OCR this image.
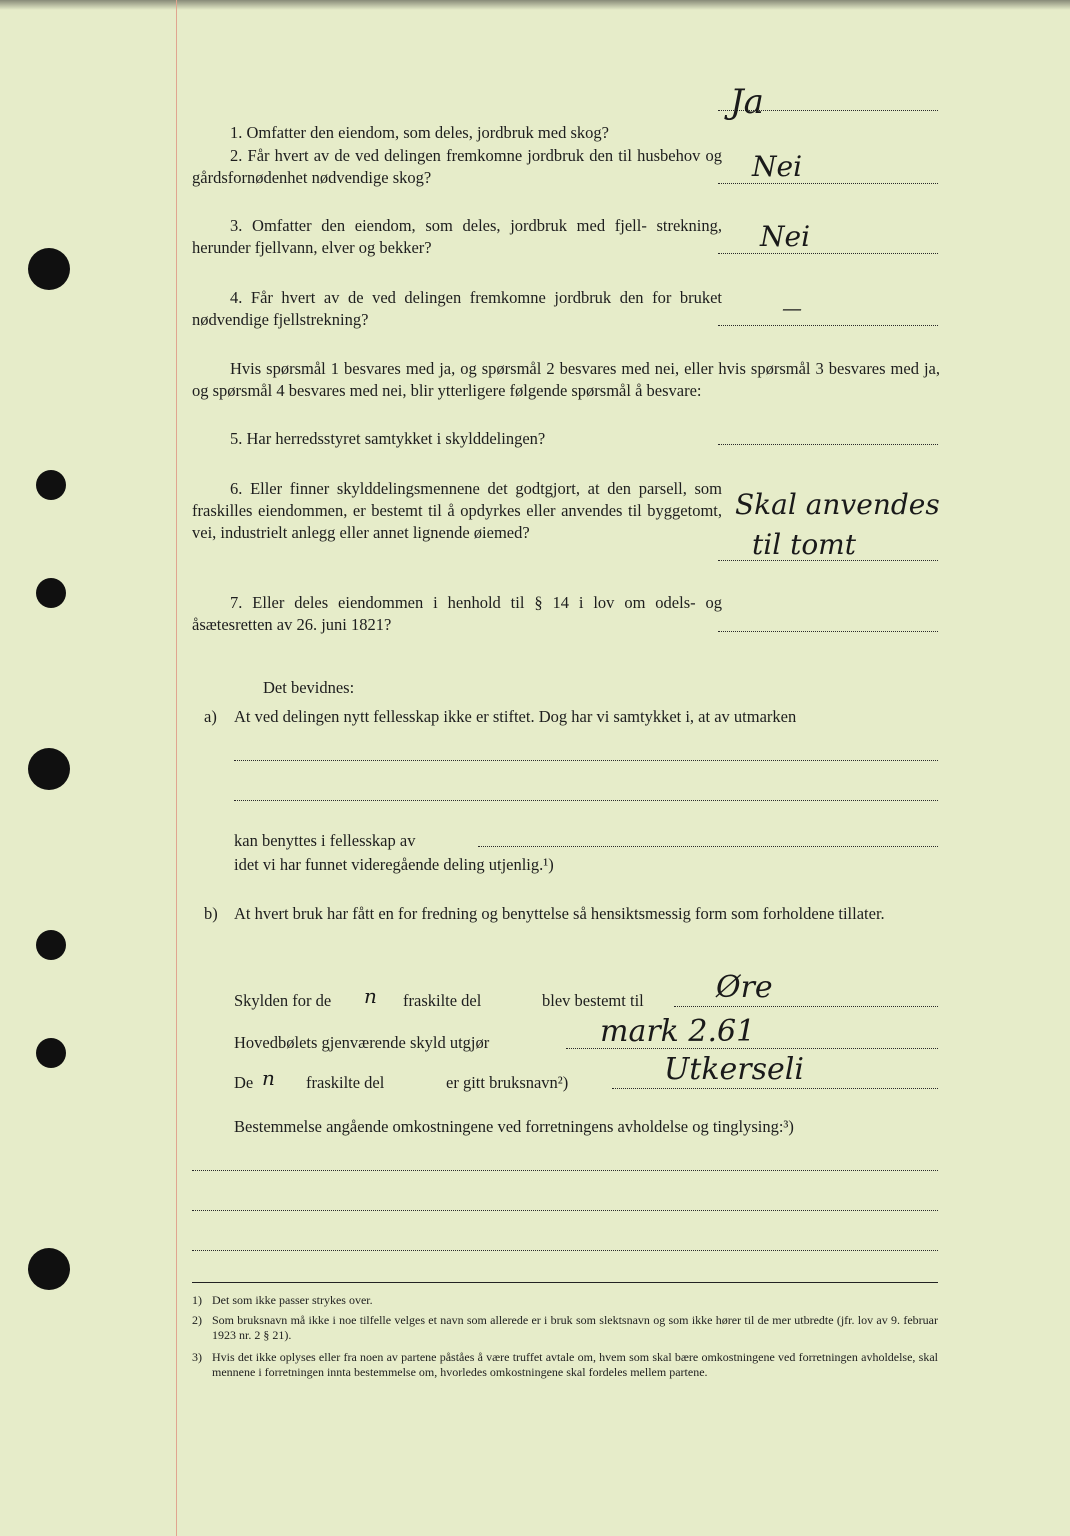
1. Omfatter den eiendom, som deles, jordbruk med skog?
Ja
2. Får hvert av de ved delingen fremkomne jordbruk den til husbehov og gårdsfornødenhet nødvendige skog?	Nei
3. Omfatter den eiendom, som deles, jordbruk med fjell- strekning, herunder fjellvann, elver og bekker?	Nei
4. Får hvert av de ved delingen fremkomne jordbruk den for bruket nødvendige fjellstrekning?	—
Hvis spørsmål 1 besvares med ja, og spørsmål 2 besvares med nei, eller hvis spørsmål 3 besvares med ja, og spørsmål 4 besvares med nei, blir ytterligere følgende spørsmål å besvare:
5. Har herredsstyret samtykket i skylddelingen?
6. Eller finner skylddelingsmennene det godtgjort, at den parsell, som fraskilles eiendommen, er bestemt til å opdyrkes eller anvendes til byggetomt, vei, industrielt anlegg eller annet lignende øiemed?
Skal anvendes
til tomt
7. Eller deles eiendommen i henhold til § 14 i lov om odels- og åsætesretten av 26. juni 1821?
Det bevidnes:
a) At ved delingen nytt fellesskap ikke er stiftet. Dog har vi samtykket i, at av utmarken
kan benyttes i fellesskap av
idet vi har funnet videregående deling utjenlig.¹)
b) At hvert bruk har fått en for fredning og benyttelse så hensiktsmessig form som forholdene tillater.
Skylden for de n fraskilte del	blev bestemt til Øre
Hovedbølets gjenværende skyld utgjør	mark 2.61
De n fraskilte del	er gitt bruksnavn²)	Utkerseli
Bestemmelse angående omkostningene ved forretningens avholdelse og tinglysing:³)
1) Det som ikke passer strykes over.
2) Som bruksnavn må ikke i noe tilfelle velges et navn som allerede er i bruk som slektsnavn og som ikke hører til de mer utbredte (jfr. lov av 9. februar 1923 nr. 2 § 21).
3) Hvis det ikke oplyses eller fra noen av partene påståes å være truffet avtale om, hvem som skal bære omkostningene ved forretningen avholdelse, skal mennene i forretningen innta bestemmelse om, hvorledes omkostningene skal fordeles mellem partene.
